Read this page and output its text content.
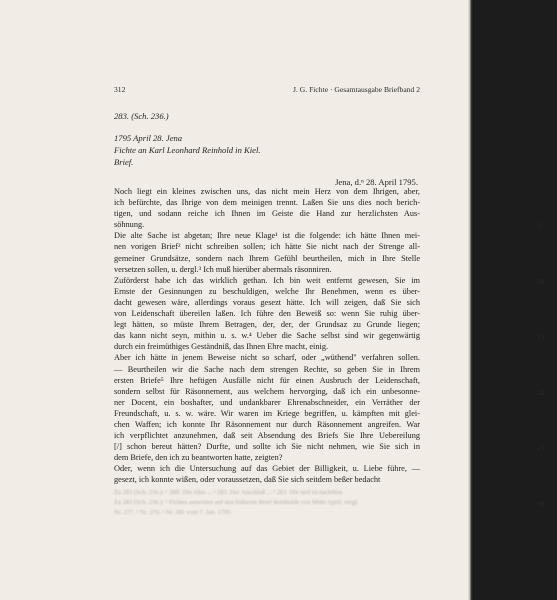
312	J. G. Fichte · Gesamtausgabe Briefband 2
283. (Sch. 236.)
1795 April 28. Jena
Fichte an Karl Leonhard Reinhold in Kiel.
Brief.
Jena, d.ⁿ 28. April 1795.

Noch liegt ein kleines zwischen uns, das nicht mein Herz von dem Ihrigen, aber,
ich befürchte, das Ihrige von dem meinigen trennt. Laßen Sie uns dies noch berich-
tigen, und sodann reiche ich Ihnen im Geiste die Hand zur herzlichsten Aus-
söhnung.

Die alte Sache ist abgetan; Ihre neue Klage¹ ist die folgende: ich hätte Ihnen mei-
nen vorigen Brief² nicht schreiben sollen; ich hätte Sie nicht nach der Strenge all-
gemeiner Grundsätze, sondern nach Ihrem Gefühl beurtheilen, mich in Ihre Stelle
versetzen sollen, u. dergl.³ Ich muß hierüber abermals räsonniren.

Zuförderst habe ich das wirklich gethan. Ich bin weit entfernt gewesen, Sie im
Ernste der Gesinnungen zu beschuldigen, welche Ihr Benehmen, wenn es über-
dacht gewesen wäre, allerdings voraus gesezt hätte. Ich will zeigen, daß Sie sich
von Leidenschaft übereilen laßen. Ich führe den Beweiß so: wenn Sie ruhig über-
legt hätten, so müste Ihrem Betragen, der, der, der Grundsaz zu Grunde liegen;
das kann nicht seyn, mithin u. s. w.⁴ Ueber die Sache selbst sind wir gegenwärtig
durch ein freimüthiges Geständniß, das Ihnen Ehre macht, einig.

Aber ich hätte in jenem Beweise nicht so scharf, oder „wüthend" verfahren sollen.
— Beurtheilen wir die Sache nach dem strengen Rechte, so geben Sie in Ihrem
ersten Briefe⁵ Ihre heftigen Ausfälle nicht für einen Ausbruch der Leidenschaft,
sondern selbst für Räsonnement, aus welchem hervorging, daß ich ein unbesonne-
ner Docent, ein boshafter, und undankbarer Ehrenabschneider, ein Verräther der
Freundschaft, u. s. w. wäre. Wir waren im Kriege begriffen, u. kämpften mit glei-
chen Waffen; ich konnte Ihr Räsonnement nur durch Räsonnement angreifen. War
ich verpflichtet anzunehmen, daß seit Absendung des Briefs Sie Ihre Uebereilung
[/] schon bereut hätten? Durfte, und sollte ich Sie nicht nehmen, wie Sie sich in
dem Briefe, den ich zu beantworten hatte, zeigten?

Oder, wenn ich die Untersuchung auf das Gebiet der Billigkeit, u. Liebe führe, —
gesezt, ich konnte wißen, oder voraussetzen, daß Sie sich seitdem beßer bedacht

5
10
15
20
25
30
Zu 283 (Sch. 236.): ¹ 28ff. Die Akte ... ² 283. Der Anschluß ... ³ 283. Die und ist nachdem
Zu 283 (Sch. 236.): ¹ Fichtes antwortet auf den früheren Brief Reinholds von Mitte April; vergl.
Nr. 277. ² Nr. 270. ³ Nr. 281 vom 7. Jan. 1795.
